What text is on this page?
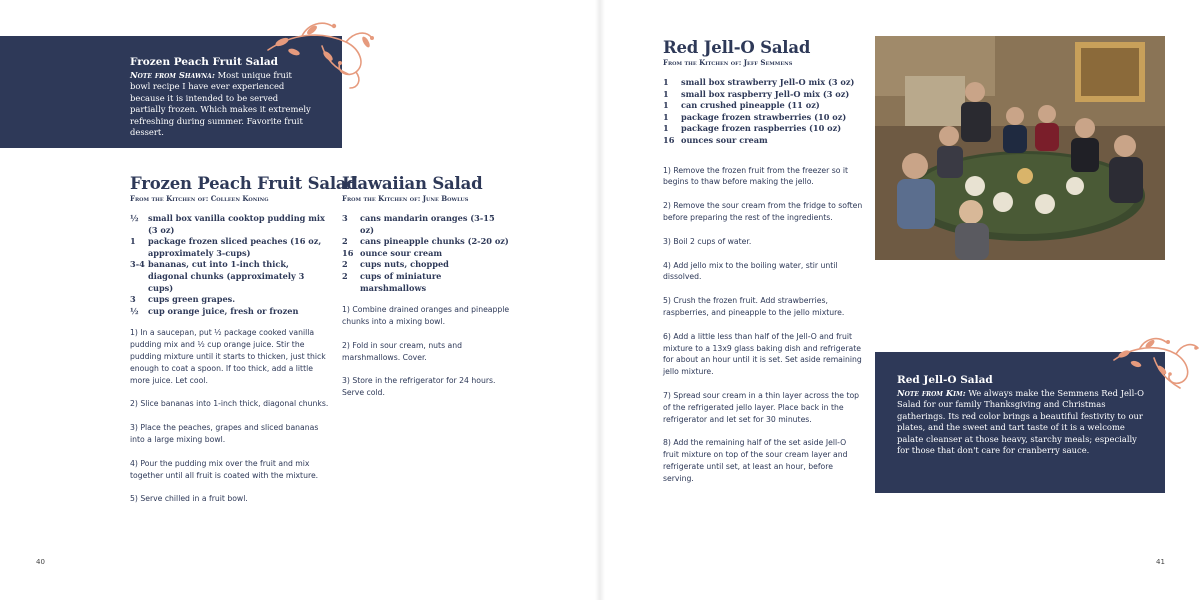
Frozen Peach Fruit Salad
Note from Shawna: Most unique fruit bowl recipe I have ever experienced because it is intended to be served partially frozen. Which makes it extremely refreshing during summer. Favorite fruit dessert.
Frozen Peach Fruit Salad
From the Kitchen of: Colleen Koning
½	small box vanilla cooktop pudding mix (3 oz)
1	package frozen sliced peaches (16 oz, approximately 3-cups)
3-4 bananas, cut into 1-inch thick, diagonal chunks (approximately 3 cups)
3	cups green grapes.
½	cup orange juice, fresh or frozen

1) In a saucepan, put ½ package cooked vanilla pudding mix and ½ cup orange juice. Stir the pudding mixture until it starts to thicken, just thick enough to coat a spoon. If too thick, add a little more juice. Let cool.

2) Slice bananas into 1-inch thick, diagonal chunks.

3) Place the peaches, grapes and sliced bananas into a large mixing bowl.

4) Pour the pudding mix over the fruit and mix together until all fruit is coated with the mixture.

5) Serve chilled in a fruit bowl.

Hawaiian Salad
From the Kitchen of: June Bowlus
3	cans mandarin oranges (3-15 oz)
2	cans pineapple chunks (2-20 oz)
16 ounce sour cream
2	cups nuts, chopped
2	cups of miniature marshmallows

1) Combine drained oranges and pineapple chunks into a mixing bowl.

2) Fold in sour cream, nuts and marshmallows. Cover.

3) Store in the refrigerator for 24 hours. Serve cold.

40
Red Jell-O Salad
From the Kitchen of: Jeff Semmens
1	small box strawberry Jell-O mix (3 oz)
1	small box raspberry Jell-O mix (3 oz)
1	can crushed pineapple (11 oz)
1	package frozen strawberries (10 oz)
1	package frozen raspberries (10 oz)
16 ounces sour cream

1) Remove the frozen fruit from the freezer so it begins to thaw before making the jello.

2) Remove the sour cream from the fridge to soften before preparing the rest of the ingredients.

3) Boil 2 cups of water.

4) Add jello mix to the boiling water, stir until dissolved.

5) Crush the frozen fruit. Add strawberries, raspberries, and pineapple to the jello mixture.

6) Add a little less than half of the Jell-O and fruit mixture to a 13x9 glass baking dish and refrigerate for about an hour until it is set. Set aside remaining jello mixture.

7) Spread sour cream in a thin layer across the top of the refrigerated jello layer. Place back in the refrigerator and let set for 30 minutes.

8) Add the remaining half of the set aside Jell-O fruit mixture on top of the sour cream layer and refrigerate until set, at least an hour, before serving.

Red Jell-O Salad
Note from Kim: We always make the Semmens Red Jell-O Salad for our family Thanksgiving and Christmas gatherings. Its red color brings a beautiful festivity to our plates, and the sweet and tart taste of it is a welcome palate cleanser at those heavy, starchy meals; especially for those that don't care for cranberry sauce.
41
